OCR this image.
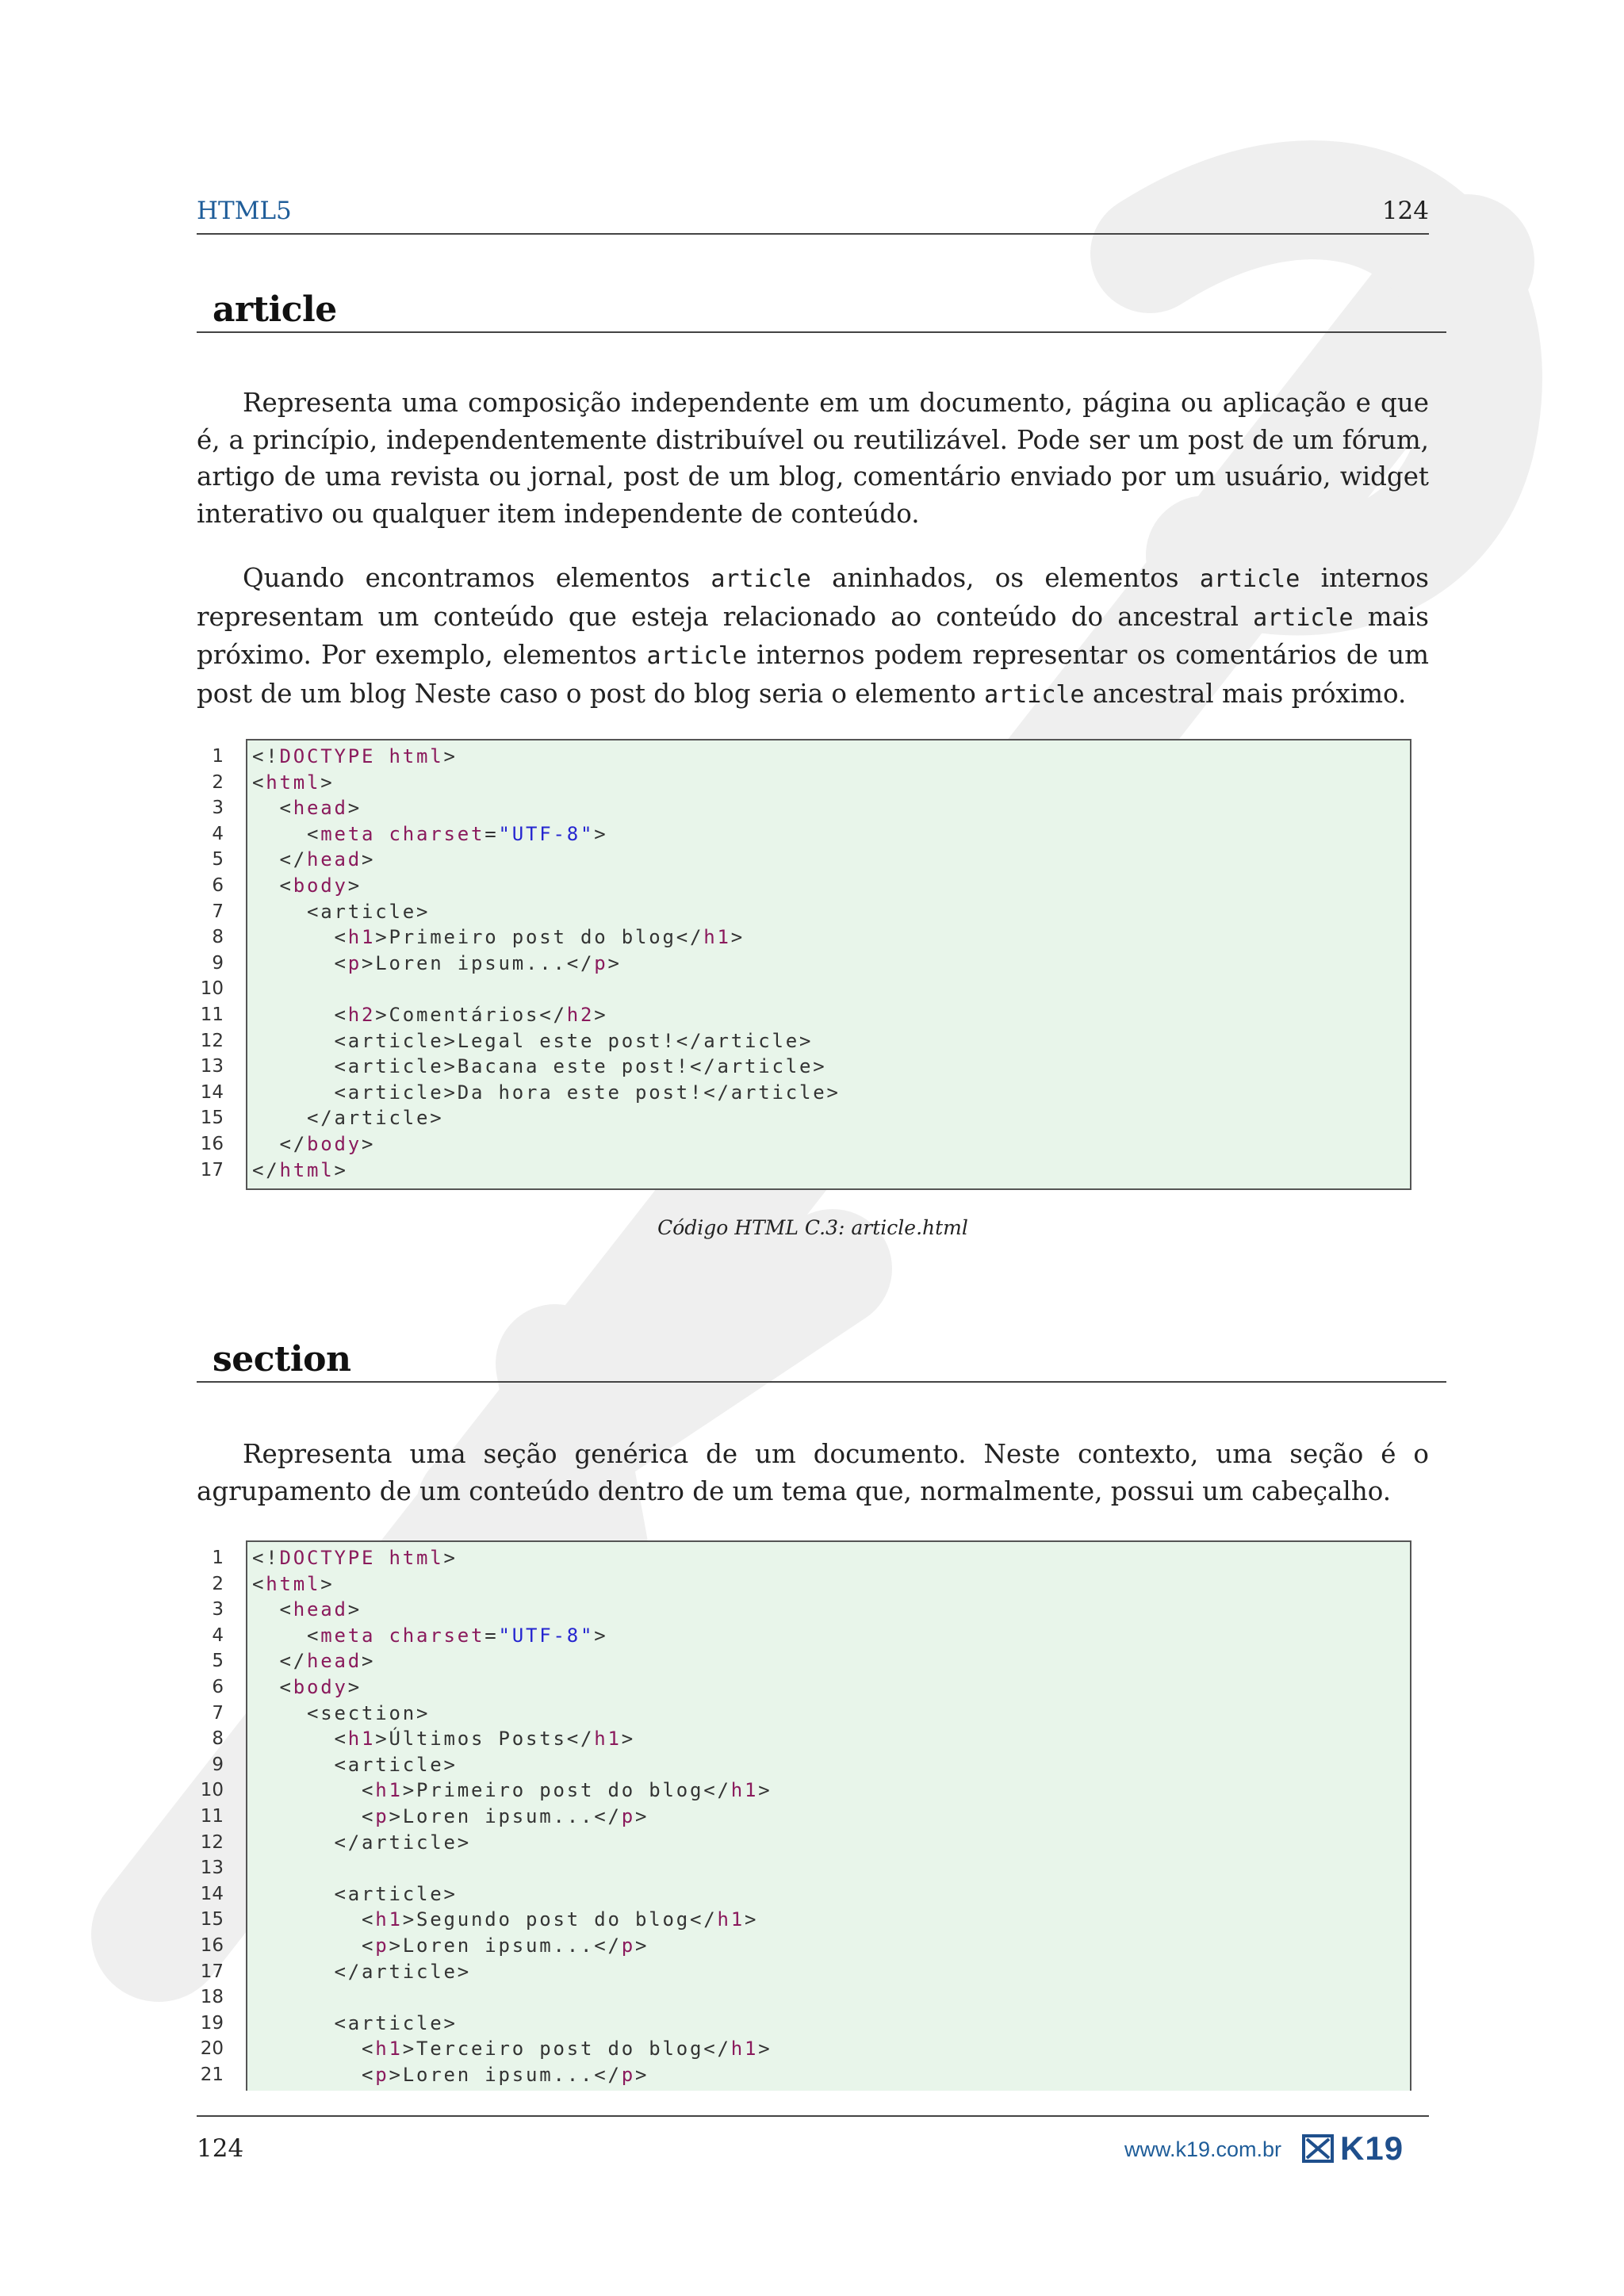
HTML5	124
article

Representa uma composição independente em um documento, página ou aplicação e que é, a princípio, independentemente distribuível ou reutilizável. Pode ser um post de um fórum, artigo de uma revista ou jornal, post de um blog, comentário enviado por um usuário, widget interativo ou qualquer item independente de conteúdo.

Quando encontramos elementos article aninhados, os elementos article internos representam um conteúdo que esteja relacionado ao conteúdo do ancestral article mais próximo. Por exemplo, elementos article internos podem representar os comentários de um post de um blog Neste caso o post do blog seria o elemento article ancestral mais próximo.

1 <!DOCTYPE html>
2 <html>
3 <head>
4 <meta charset="UTF-8">
5 </head>
6 <body>
7 <article>
8 <h1>Primeiro post do blog</h1>
9 <p>Loren ipsum...</p>
10
11 <h2>Comentários</h2>
12 <article>Legal este post!</article>
13 <article>Bacana este post!</article>
14 <article>Da hora este post!</article>
15 </article>
16 </body>
17 </html>
Código HTML C.3: article.html
section

Representa uma seção genérica de um documento. Neste contexto, uma seção é o agrupamento de um conteúdo dentro de um tema que, normalmente, possui um cabeçalho.

1 <!DOCTYPE html>
2 <html>
3 <head>
4 <meta charset="UTF-8">
5 </head>
6 <body>
7 <section>
8 <h1>Últimos Posts</h1>
9 <article>
10 <h1>Primeiro post do blog</h1>
11 <p>Loren ipsum...</p>
12 </article>
13
14 <article>
15 <h1>Segundo post do blog</h1>
16 <p>Loren ipsum...</p>
17 </article>
18
19 <article>
20 <h1>Terceiro post do blog</h1>
21 <p>Loren ipsum...</p>
124	www.k19.com.br K19
